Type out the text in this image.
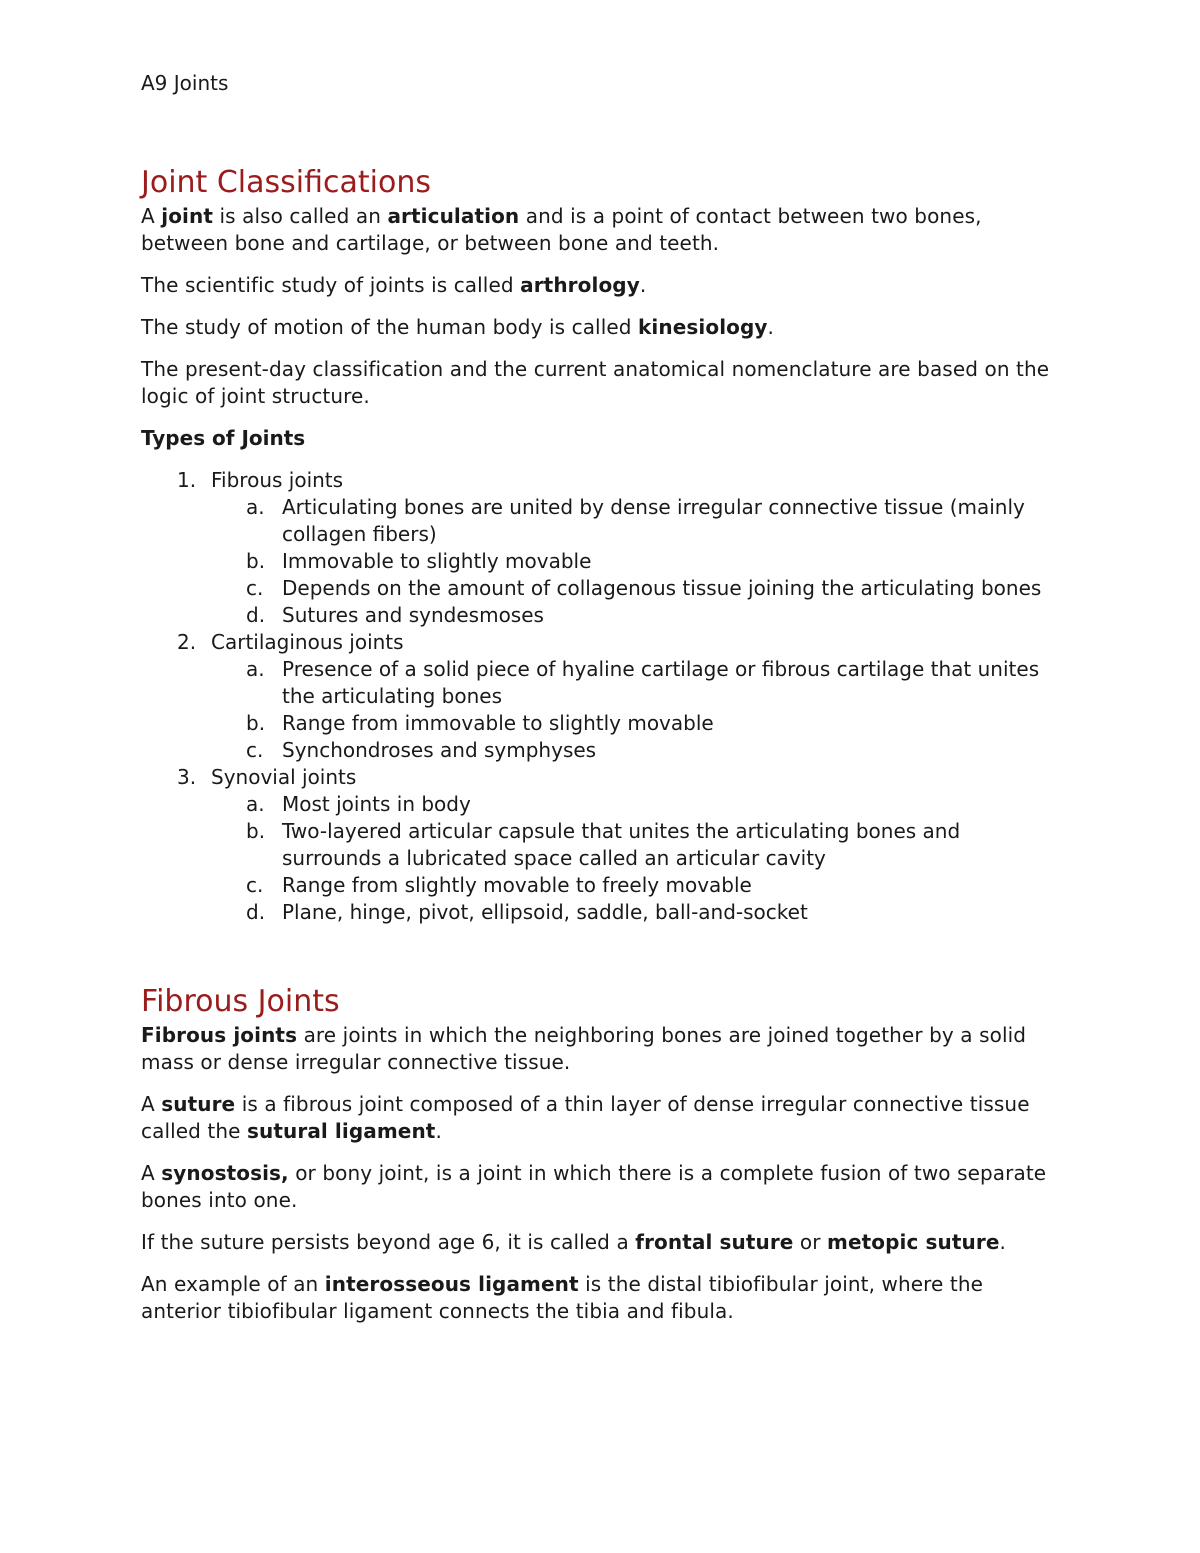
A9 Joints
Joint Classifications

A joint is also called an articulation and is a point of contact between two bones, between bone and cartilage, or between bone and teeth.

The scientific study of joints is called arthrology.

The study of motion of the human body is called kinesiology.

The present-day classification and the current anatomical nomenclature are based on the logic of joint structure.

Types of Joints
1. Fibrous joints
a. Articulating bones are united by dense irregular connective tissue (mainly collagen fibers)
b. Immovable to slightly movable
c. Depends on the amount of collagenous tissue joining the articulating bones
d. Sutures and syndesmoses
2. Cartilaginous joints
a. Presence of a solid piece of hyaline cartilage or fibrous cartilage that unites the articulating bones
b. Range from immovable to slightly movable
c. Synchondroses and symphyses
3. Synovial joints
a. Most joints in body
b. Two-layered articular capsule that unites the articulating bones and surrounds a lubricated space called an articular cavity
c. Range from slightly movable to freely movable
d. Plane, hinge, pivot, ellipsoid, saddle, ball-and-socket
Fibrous Joints

Fibrous joints are joints in which the neighboring bones are joined together by a solid mass or dense irregular connective tissue.

A suture is a fibrous joint composed of a thin layer of dense irregular connective tissue called the sutural ligament.

A synostosis, or bony joint, is a joint in which there is a complete fusion of two separate bones into one.

If the suture persists beyond age 6, it is called a frontal suture or metopic suture.

An example of an interosseous ligament is the distal tibiofibular joint, where the anterior tibiofibular ligament connects the tibia and fibula.
